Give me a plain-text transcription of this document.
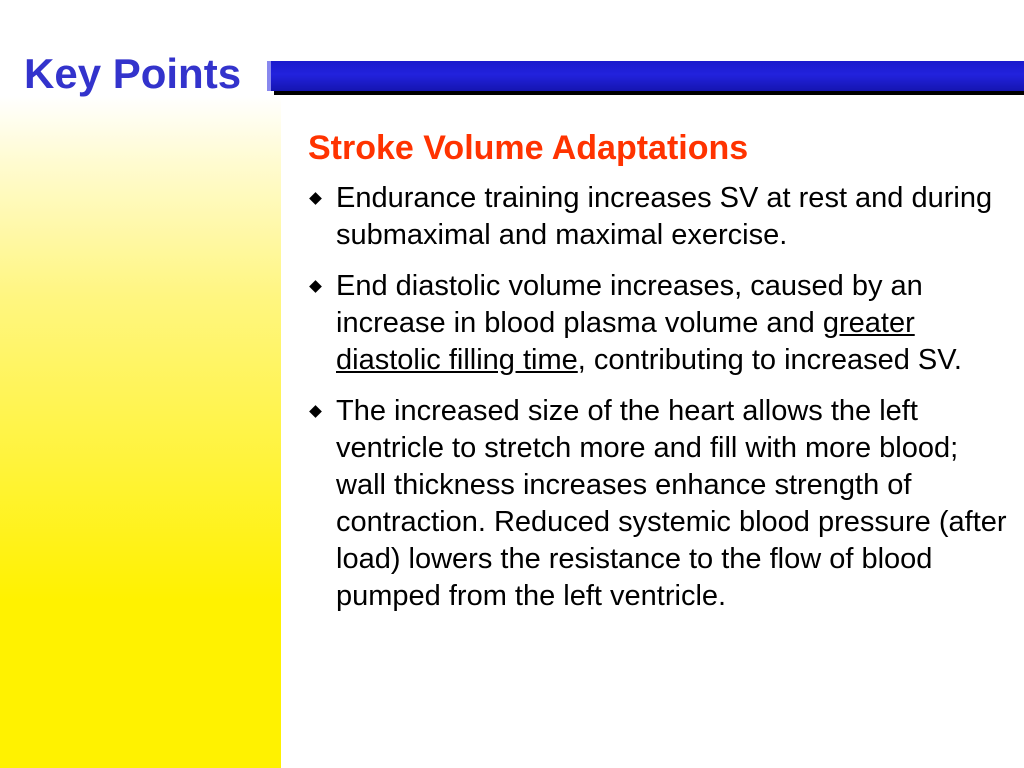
Key Points
Stroke Volume Adaptations
Endurance training increases SV at rest and during submaximal and maximal exercise.
End diastolic volume increases, caused by an increase in blood plasma volume and greater diastolic filling time, contributing to increased SV.
The increased size of the heart allows the left ventricle to stretch more and fill with more blood; wall thickness increases enhance strength of contraction. Reduced systemic blood pressure (after load) lowers the resistance to the flow of blood pumped from the left ventricle.
